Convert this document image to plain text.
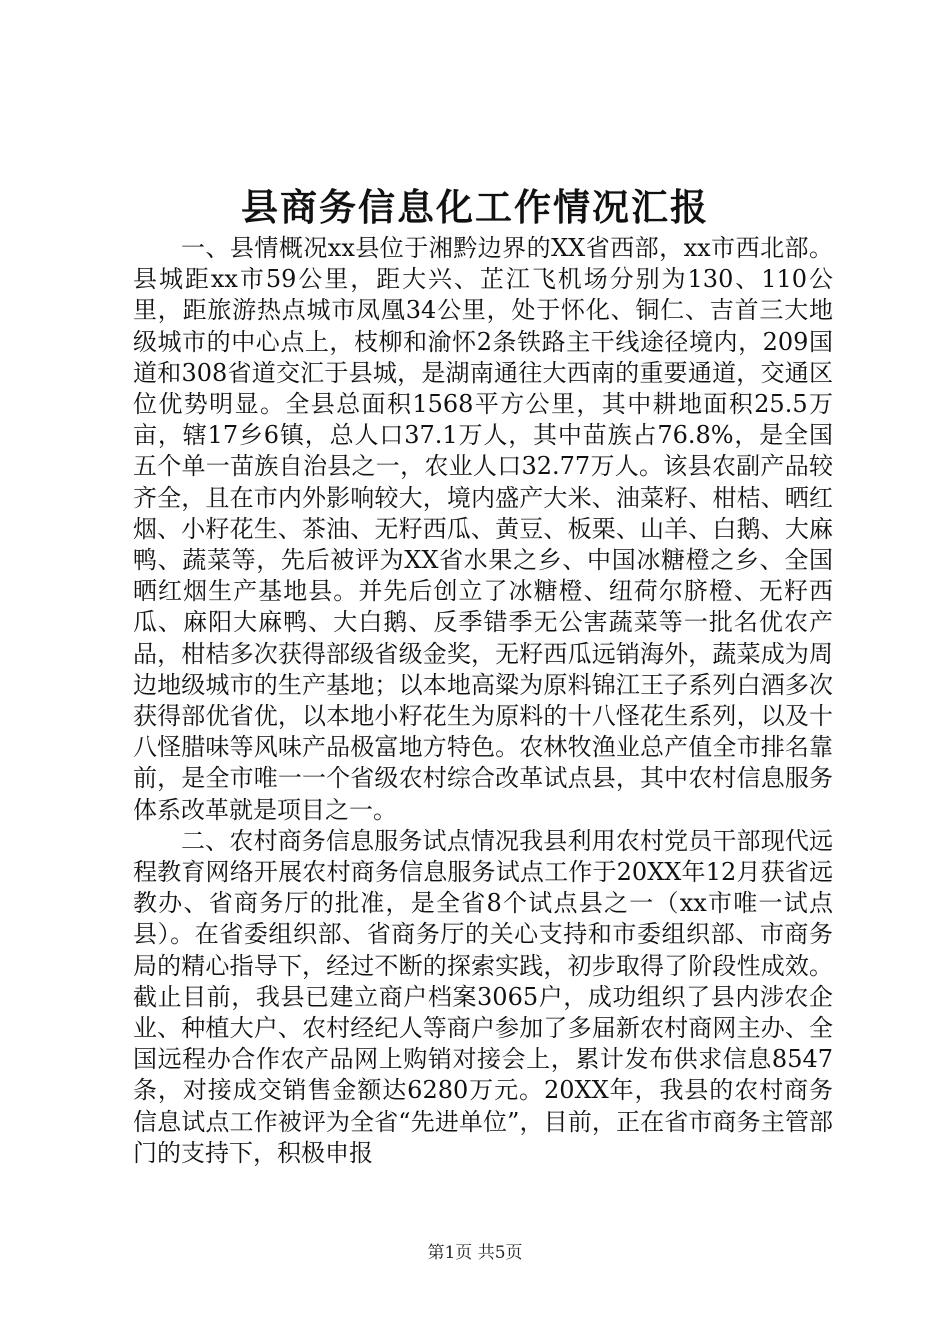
县商务信息化工作情况汇报

一、县情概况xx县位于湘黔边界的XX省西部，xx市西北部。县城距xx市59公里，距大兴、芷江飞机场分别为130、110公里，距旅游热点城市凤凰34公里，处于怀化、铜仁、吉首三大地级城市的中心点上，枝柳和渝怀2条铁路主干线途径境内，209国道和308省道交汇于县城，是湖南通往大西南的重要通道，交通区位优势明显。全县总面积1568平方公里，其中耕地面积25.5万亩，辖17乡6镇，总人口37.1万人，其中苗族占76.8%，是全国五个单一苗族自治县之一，农业人口32.77万人。该县农副产品较齐全，且在市内外影响较大，境内盛产大米、油菜籽、柑桔、晒红烟、小籽花生、茶油、无籽西瓜、黄豆、板栗、山羊、白鹅、大麻鸭、蔬菜等，先后被评为XX省水果之乡、中国冰糖橙之乡、全国晒红烟生产基地县。并先后创立了冰糖橙、纽荷尔脐橙、无籽西瓜、麻阳大麻鸭、大白鹅、反季错季无公害蔬菜等一批名优农产品，柑桔多次获得部级省级金奖，无籽西瓜远销海外，蔬菜成为周边地级城市的生产基地；以本地高粱为原料锦江王子系列白酒多次获得部优省优，以本地小籽花生为原料的十八怪花生系列，以及十八怪腊味等风味产品极富地方特色。农林牧渔业总产值全市排名靠前，是全市唯一一个省级农村综合改革试点县，其中农村信息服务体系改革就是项目之一。

二、农村商务信息服务试点情况我县利用农村党员干部现代远程教育网络开展农村商务信息服务试点工作于20XX年12月获省远教办、省商务厅的批准，是全省8个试点县之一（xx市唯一试点县）。在省委组织部、省商务厅的关心支持和市委组织部、市商务局的精心指导下，经过不断的探索实践，初步取得了阶段性成效。截止目前，我县已建立商户档案3065户，成功组织了县内涉农企业、种植大户、农村经纪人等商户参加了多届新农村商网主办、全国远程办合作农产品网上购销对接会上，累计发布供求信息8547条，对接成交销售金额达6280万元。20XX年，我县的农村商务信息试点工作被评为全省“先进单位”，目前，正在省市商务主管部门的支持下，积极申报

第1页 共5页
